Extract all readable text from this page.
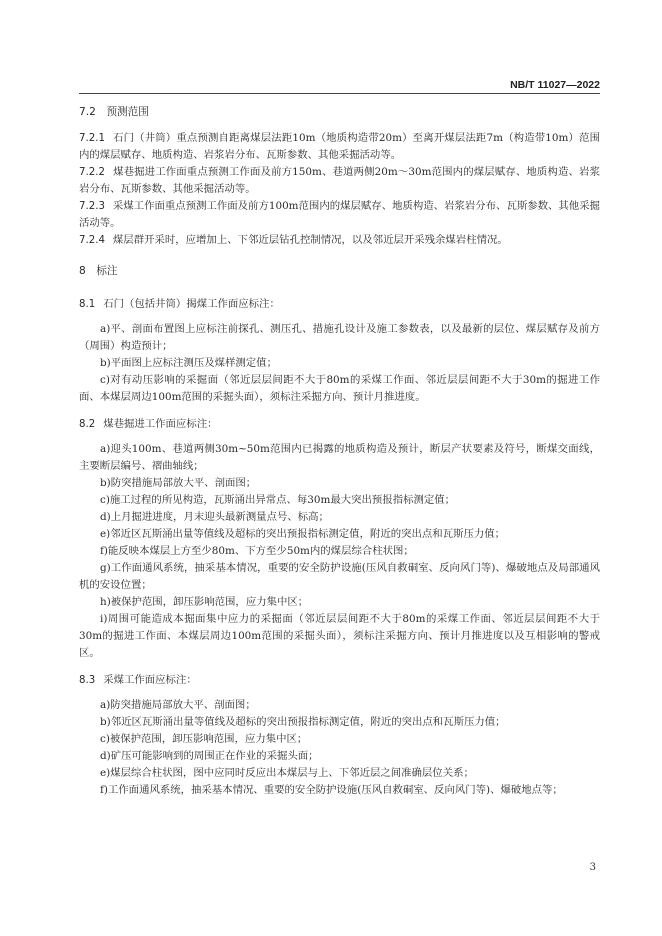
NB/T 11027—2022

7.2　预测范围

7.2.1 石门（井筒）重点预测自距离煤层法距10m（地质构造带20m）至离开煤层法距7m（构造带10m）范围内的煤层赋存、地质构造、岩浆岩分布、瓦斯参数、其他采掘活动等。

7.2.2 煤巷掘进工作面重点预测工作面及前方150m、巷道两侧20m～30m范围内的煤层赋存、地质构造、岩浆岩分布、瓦斯参数、其他采掘活动等。

7.2.3 采煤工作面重点预测工作面及前方100m范围内的煤层赋存、地质构造、岩浆岩分布、瓦斯参数、其他采掘活动等。

7.2.4 煤层群开采时，应增加上、下邻近层钻孔控制情况，以及邻近层开采残余煤岩柱情况。

8　标注

8.1 石门（包括井筒）揭煤工作面应标注：

a)平、剖面布置图上应标注前探孔、测压孔、措施孔设计及施工参数表，以及最新的层位、煤层赋存及前方（周围）构造预计；

b)平面图上应标注测压及煤样测定值；

c)对有动压影响的采掘面（邻近层层间距不大于80m的采煤工作面、邻近层层间距不大于30m的掘进工作面、本煤层周边100m范围的采掘头面），须标注采掘方向、预计月推进度。

8.2 煤巷掘进工作面应标注：

a)迎头100m、巷道两侧30m~50m范围内已揭露的地质构造及预计，断层产状要素及符号，断煤交面线，主要断层编号、褶曲轴线；

b)防突措施局部放大平、剖面图；

c)施工过程的所见构造，瓦斯涌出异常点、每30m最大突出预报指标测定值；

d)上月掘进进度，月末迎头最新测量点号、标高；

e)邻近区瓦斯涌出量等值线及超标的突出预报指标测定值，附近的突出点和瓦斯压力值；

f)能反映本煤层上方至少80m、下方至少50m内的煤层综合柱状图；

g)工作面通风系统，抽采基本情况，重要的安全防护设施(压风自救硐室、反向风门等)、爆破地点及局部通风机的安设位置；

h)被保护范围，卸压影响范围，应力集中区；

i)周围可能造成本掘面集中应力的采掘面（邻近层层间距不大于80m的采煤工作面、邻近层层间距不大于30m的掘进工作面、本煤层周边100m范围的采掘头面），须标注采掘方向、预计月推进度以及互相影响的警戒区。

8.3 采煤工作面应标注：

a)防突措施局部放大平、剖面图；

b)邻近区瓦斯涌出量等值线及超标的突出预报指标测定值，附近的突出点和瓦斯压力值；

c)被保护范围，卸压影响范围，应力集中区；

d)矿压可能影响到的周围正在作业的采掘头面；

e)煤层综合柱状图，图中应同时反应出本煤层与上、下邻近层之间准确层位关系；

f)工作面通风系统，抽采基本情况、重要的安全防护设施(压风自救硐室、反向风门等)、爆破地点等；

3
